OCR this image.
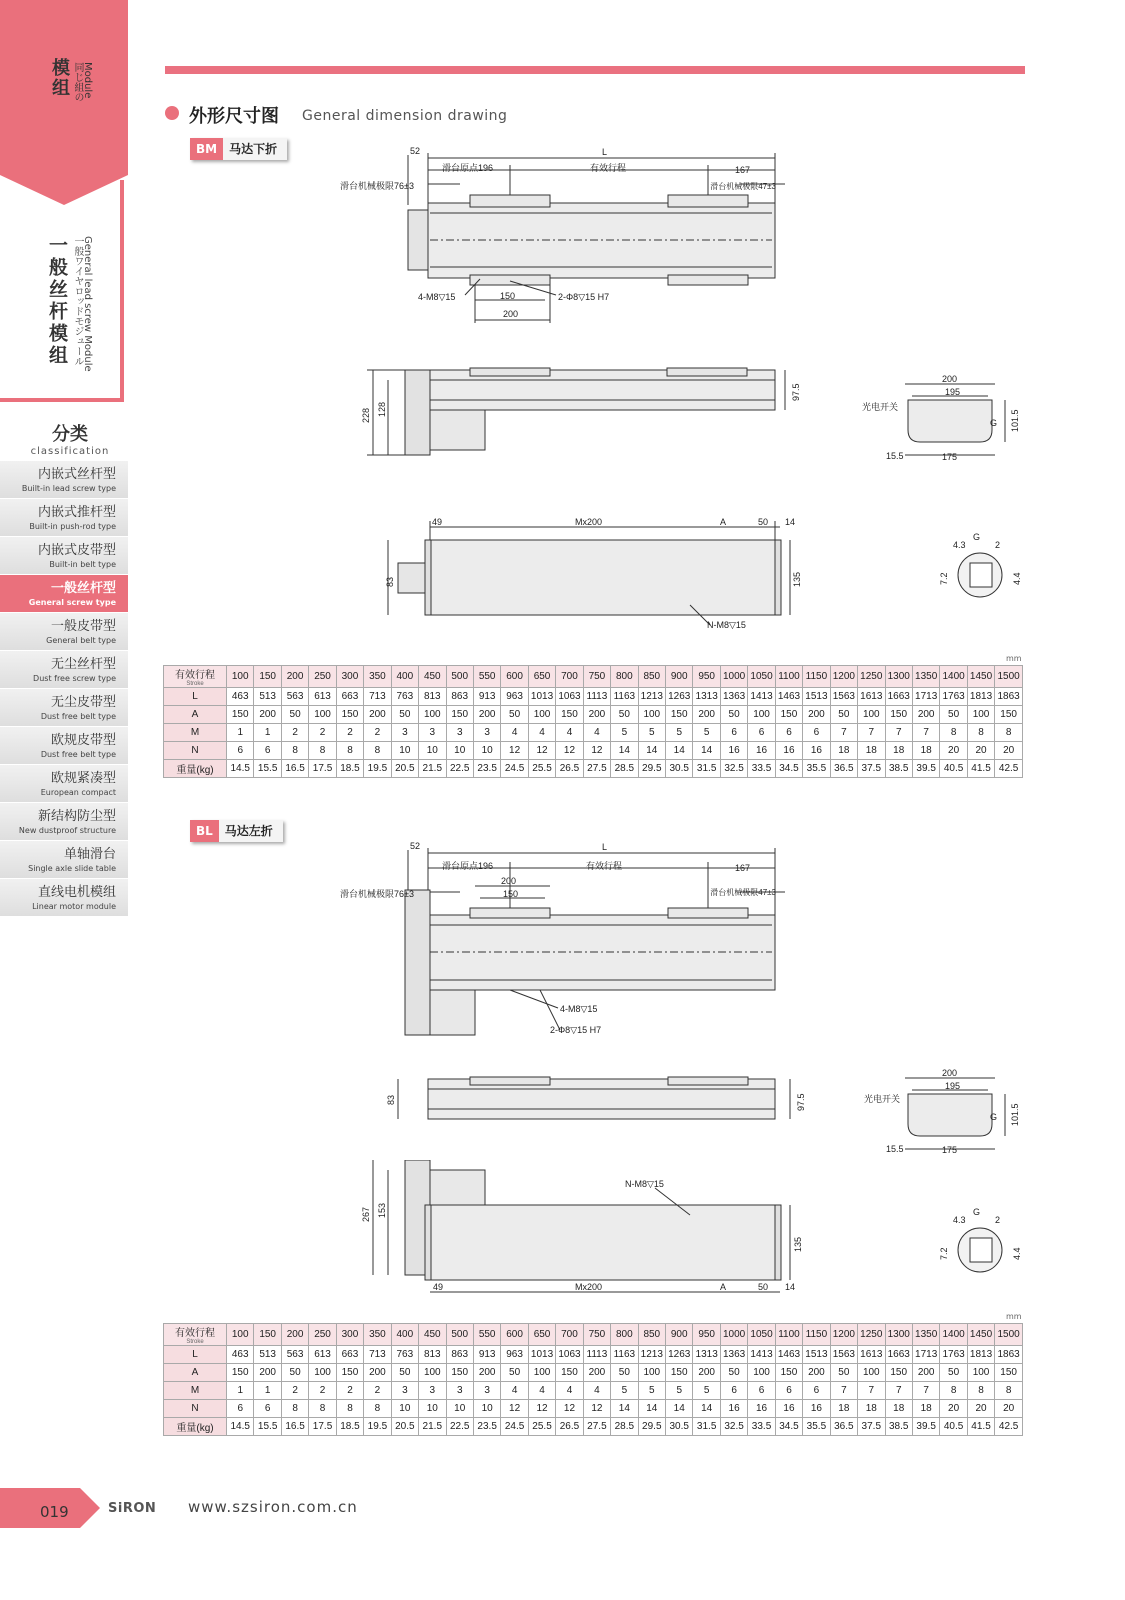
模组 同じ組の Module
一般丝杆模组 一般ワイヤロッドモジュール General lead screw Module
分类
classification
内嵌式丝杆型
Built-in lead screw type
内嵌式推杆型
Built-in push-rod type
内嵌式皮带型
Built-in belt type
一般丝杆型
General screw type
一般皮带型
General belt type
无尘丝杆型
Dust free screw type
无尘皮带型
Dust free belt type
欧规皮带型
Dust free belt type
欧规紧凑型
European compact
新结构防尘型
New dustproof structure
单轴滑台
Single axle slide table
直线电机模组
Linear motor module
外形尺寸图 General dimension drawing
BM 马达下折	52	L
滑台原点196	有效行程	167
滑台机械极限76±3	滑台机械极限47±3
4-M8▽15	150	2-Φ8▽15 H7
200
228 128
97.5
200
195
光电开关
101.5
15.5	175
G
49	Mx200	A	50 14
83	135
N-M8▽15
4.3
G
2
7.2	4.4
mm
有效行程
Stroke	100	150	200	250	300	350	400	450	500	550	600	650	700	750	800	850	900	950	1000	1050	1100	1150	1200	1250	1300	1350	1400	1450	1500
L	463	513	563	613	663	713	763	813	863	913	963	1013	1063	1113	1163	1213	1263	1313	1363	1413	1463	1513	1563	1613	1663	1713	1763	1813	1863
A	150	200	50	100	150	200	50	100	150	200	50	100	150	200	50	100	150	200	50	100	150	200	50	100	150	200	50	100	150
M	1	1	2	2	2	2	3	3	3	3	4	4	4	4	5	5	5	5	6	6	6	6	7	7	7	7	8	8	8
N	6	6	8	8	8	8	10	10	10	10	12	12	12	12	14	14	14	14	16	16	16	16	18	18	18	18	20	20	20
重量(kg)	14.5	15.5	16.5	17.5	18.5	19.5	20.5	21.5	22.5	23.5	24.5	25.5	26.5	27.5	28.5	29.5	30.5	31.5	32.5	33.5	34.5	35.5	36.5	37.5	38.5	39.5	40.5	41.5	42.5
BL 马达左折
52	L
滑台原点196	有效行程	167
滑台机械极限76±3	滑台机械极限47±3
200
150
4-M8▽15
2-Φ8▽15 H7
83	97.5
200
195
光电开关
101.5
15.5	175
G
N-M8▽15
267 153
135
49	Mx200	A	50 14
4.3
G
2
7.2	4.4
mm
有效行程
Stroke	100	150	200	250	300	350	400	450	500	550	600	650	700	750	800	850	900	950	1000	1050	1100	1150	1200	1250	1300	1350	1400	1450	1500
L	463	513	563	613	663	713	763	813	863	913	963	1013	1063	1113	1163	1213	1263	1313	1363	1413	1463	1513	1563	1613	1663	1713	1763	1813	1863
A	150	200	50	100	150	200	50	100	150	200	50	100	150	200	50	100	150	200	50	100	150	200	50	100	150	200	50	100	150
M	1	1	2	2	2	2	3	3	3	3	4	4	4	4	5	5	5	5	6	6	6	6	7	7	7	7	8	8	8
N	6	6	8	8	8	8	10	10	10	10	12	12	12	12	14	14	14	14	16	16	16	16	18	18	18	18	20	20	20
重量(kg)	14.5	15.5	16.5	17.5	18.5	19.5	20.5	21.5	22.5	23.5	24.5	25.5	26.5	27.5	28.5	29.5	30.5	31.5	32.5	33.5	34.5	35.5	36.5	37.5	38.5	39.5	40.5	41.5	42.5
019	SiRON www.szsiron.com.cn
